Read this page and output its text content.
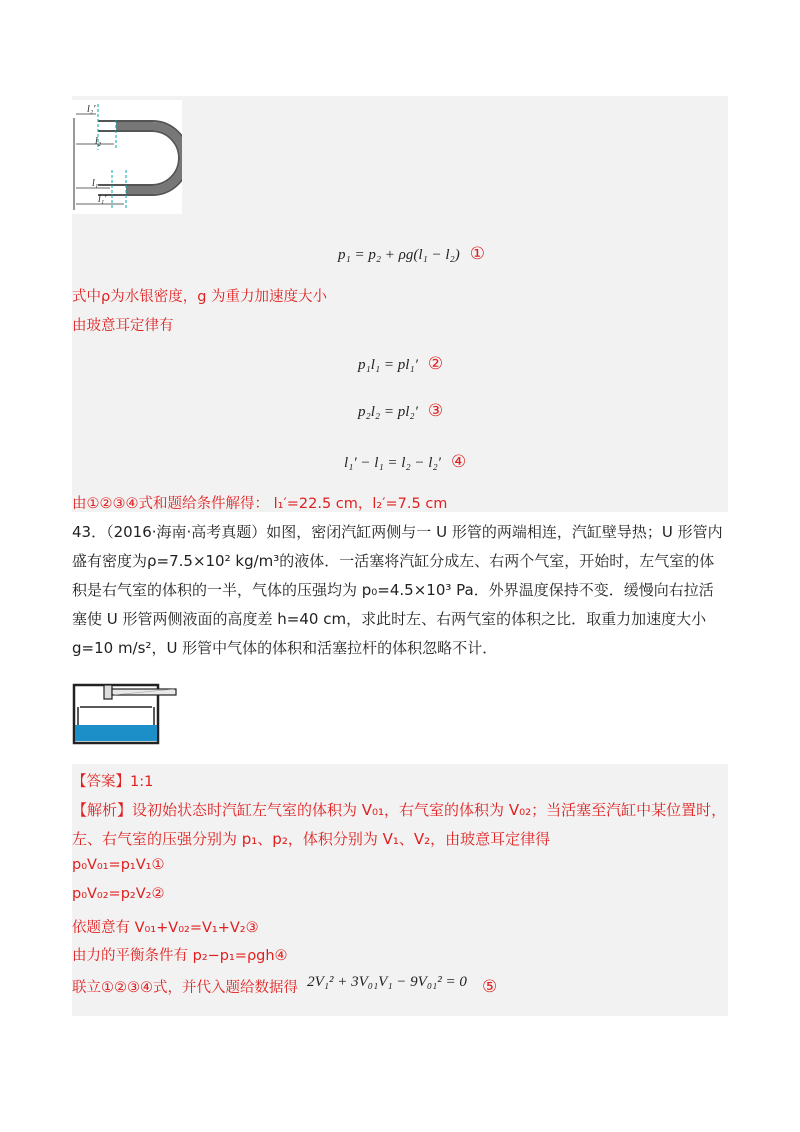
l₂′
l₂
l₁
l₁′
p₁ = p₂ + ρg(l₁ − l₂) ①
式中ρ为水银密度，g 为重力加速度大小
由玻意耳定律有
p₁l₁ = pl₁′ ②
p₂l₂ = pl₂′ ③
l₁′ − l₁ = l₂ − l₂′ ④
由①②③④式和题给条件解得： l₁′=22.5 cm，l₂′=7.5 cm
43．（2016·海南·高考真题）如图，密闭汽缸两侧与一 U 形管的两端相连，汽缸壁导热；U 形管内盛有密度为ρ=7.5×10² kg/m³的液体．一活塞将汽缸分成左、右两个气室，开始时，左气室的体积是右气室的体积的一半，气体的压强均为 p₀=4.5×10³ Pa．外界温度保持不变．缓慢向右拉活塞使 U 形管两侧液面的高度差 h=40 cm，求此时左、右两气室的体积之比．取重力加速度大小 g=10 m/s²，U 形管中气体的体积和活塞拉杆的体积忽略不计．
【答案】1:1
【解析】设初始状态时汽缸左气室的体积为 V₀₁，右气室的体积为 V₀₂；当活塞至汽缸中某位置时，左、右气室的压强分别为 p₁、p₂，体积分别为 V₁、V₂，由玻意耳定律得
p₀V₀₁=p₁V₁①
p₀V₀₂=p₂V₂②
依题意有 V₀₁+V₀₂=V₁+V₂③
由力的平衡条件有 p₂−p₁=ρgh④
联立①②③④式，并代入题给数据得 2V₁² + 3V₀₁V₁ − 9V₀₁² = 0 ⑤
